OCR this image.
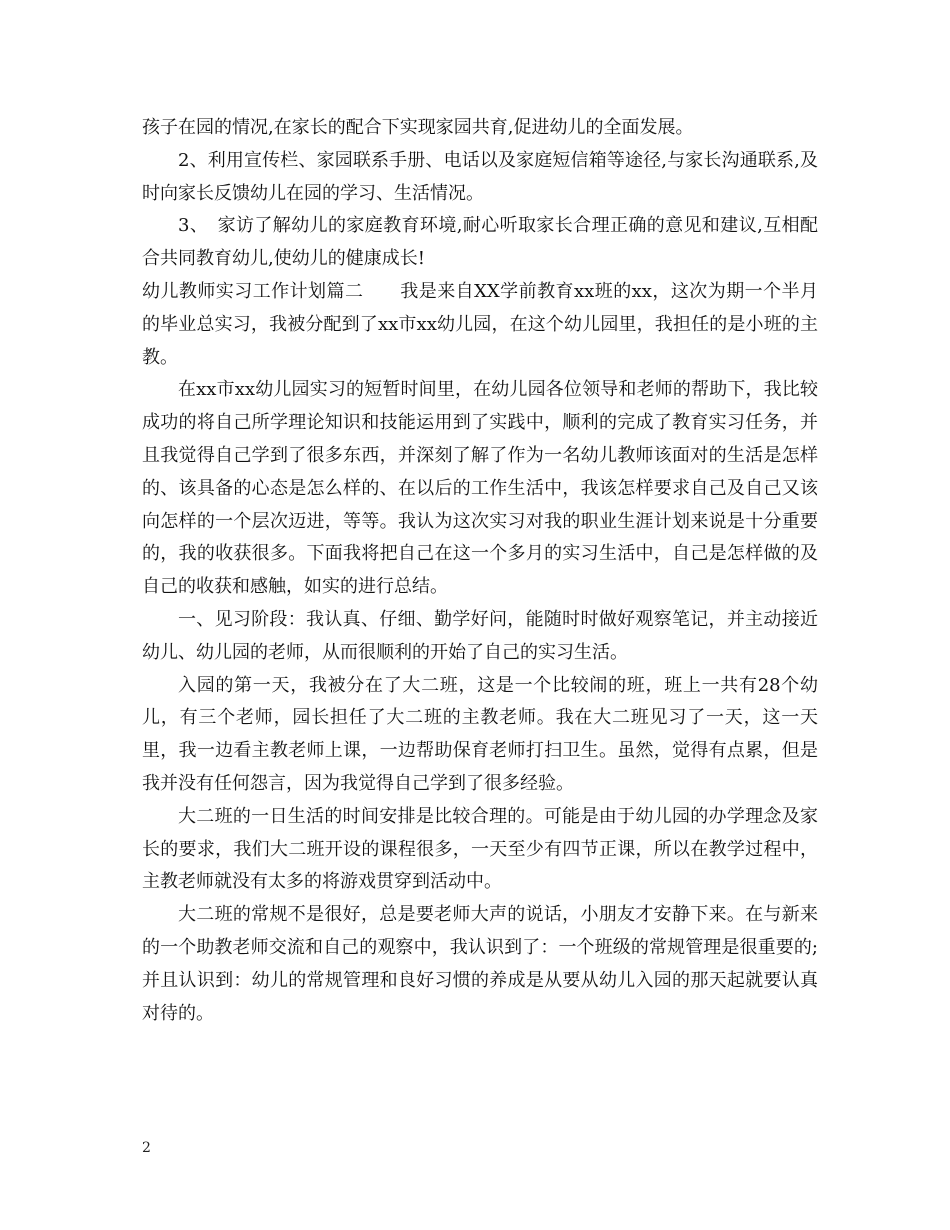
孩子在园的情况,在家长的配合下实现家园共育,促进幼儿的全面发展。

2、利用宣传栏、家园联系手册、电话以及家庭短信箱等途径,与家长沟通联系,及时向家长反馈幼儿在园的学习、生活情况。

3、　家访了解幼儿的家庭教育环境,耐心听取家长合理正确的意见和建议,互相配合共同教育幼儿,使幼儿的健康成长!

幼儿教师实习工作计划篇二　　我是来自XX学前教育xx班的xx，这次为期一个半月的毕业总实习，我被分配到了xx市xx幼儿园，在这个幼儿园里，我担任的是小班的主教。

在xx市xx幼儿园实习的短暂时间里，在幼儿园各位领导和老师的帮助下，我比较成功的将自己所学理论知识和技能运用到了实践中，顺利的完成了教育实习任务，并且我觉得自己学到了很多东西，并深刻了解了作为一名幼儿教师该面对的生活是怎样的、该具备的心态是怎么样的、在以后的工作生活中，我该怎样要求自己及自己又该向怎样的一个层次迈进，等等。我认为这次实习对我的职业生涯计划来说是十分重要的，我的收获很多。下面我将把自己在这一个多月的实习生活中，自己是怎样做的及自己的收获和感触，如实的进行总结。

一、见习阶段：我认真、仔细、勤学好问，能随时时做好观察笔记，并主动接近幼儿、幼儿园的老师，从而很顺利的开始了自己的实习生活。

入园的第一天，我被分在了大二班，这是一个比较闹的班，班上一共有28个幼儿，有三个老师，园长担任了大二班的主教老师。我在大二班见习了一天，这一天里，我一边看主教老师上课，一边帮助保育老师打扫卫生。虽然，觉得有点累，但是我并没有任何怨言，因为我觉得自己学到了很多经验。

大二班的一日生活的时间安排是比较合理的。可能是由于幼儿园的办学理念及家长的要求，我们大二班开设的课程很多，一天至少有四节正课，所以在教学过程中，主教老师就没有太多的将游戏贯穿到活动中。

大二班的常规不是很好，总是要老师大声的说话，小朋友才安静下来。在与新来的一个助教老师交流和自己的观察中，我认识到了：一个班级的常规管理是很重要的;并且认识到：幼儿的常规管理和良好习惯的养成是从要从幼儿入园的那天起就要认真对待的。

2
